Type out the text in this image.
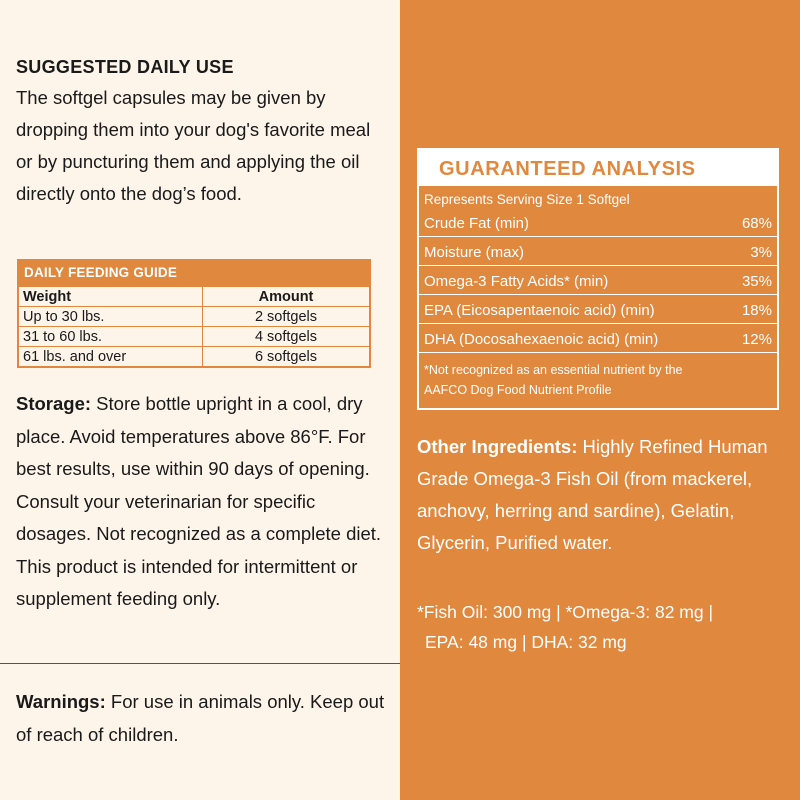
SUGGESTED DAILY USE

The softgel capsules may be given by dropping them into your dog's favorite meal or by puncturing them and applying the oil directly onto the dog’s food.

DAILY FEEDING GUIDE
Weight	Amount
Up to 30 lbs.	2 softgels
31 to 60 lbs.	4 softgels
61 lbs. and over	6 softgels

Storage: Store bottle upright in a cool, dry place. Avoid temperatures above 86°F. For best results, use within 90 days of opening. Consult your veterinarian for specific dosages. Not recognized as a complete diet. This product is intended for intermittent or supplement feeding only.

Warnings: For use in animals only. Keep out of reach of children.

GUARANTEED ANALYSIS
Represents Serving Size 1 Softgel
Crude Fat (min)	68%
Moisture (max)	3%
Omega-3 Fatty Acids* (min)	35%
EPA (Eicosapentaenoic acid) (min)	18%
DHA (Docosahexaenoic acid) (min)	12%
*Not recognized as an essential nutrient by the
AAFCO Dog Food Nutrient Profile

Other Ingredients: Highly Refined Human Grade Omega-3 Fish Oil (from mackerel, anchovy, herring and sardine), Gelatin, Glycerin, Purified water.

*Fish Oil: 300 mg | *Omega-3: 82 mg |
EPA: 48 mg | DHA: 32 mg
